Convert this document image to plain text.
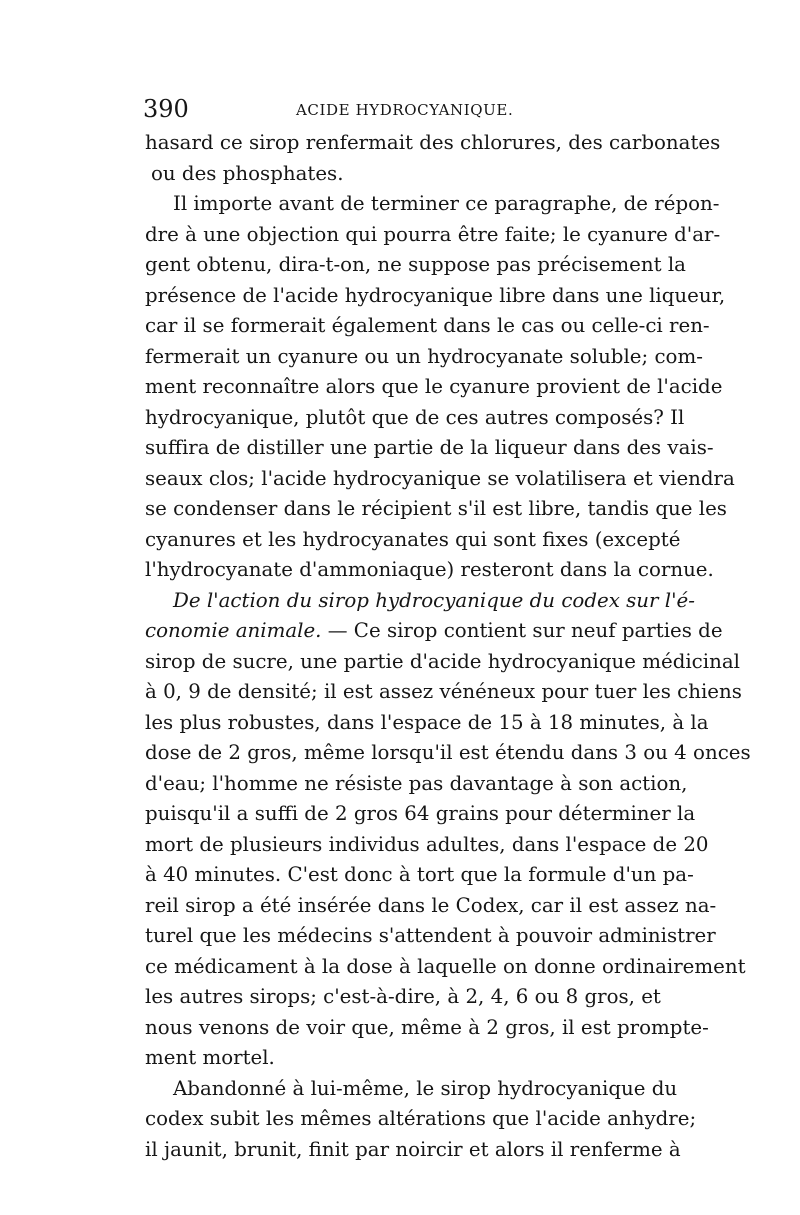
390	ACIDE HYDROCYANIQUE.
hasard ce sirop renfermait des chlorures, des carbonates
ou des phosphates.
Il importe avant de terminer ce paragraphe, de répon-
dre à une objection qui pourra être faite; le cyanure d'ar-
gent obtenu, dira-t-on, ne suppose pas précisement la
présence de l'acide hydrocyanique libre dans une liqueur,
car il se formerait également dans le cas ou celle-ci ren-
fermerait un cyanure ou un hydrocyanate soluble; com-
ment reconnaître alors que le cyanure provient de l'acide
hydrocyanique, plutôt que de ces autres composés? Il
suffira de distiller une partie de la liqueur dans des vais-
seaux clos; l'acide hydrocyanique se volatilisera et viendra
se condenser dans le récipient s'il est libre, tandis que les
cyanures et les hydrocyanates qui sont fixes (excepté
l'hydrocyanate d'ammoniaque) resteront dans la cornue.
De l'action du sirop hydrocyanique du codex sur l'é-
conomie animale. — Ce sirop contient sur neuf parties de
sirop de sucre, une partie d'acide hydrocyanique médicinal
à 0, 9 de densité; il est assez vénéneux pour tuer les chiens
les plus robustes, dans l'espace de 15 à 18 minutes, à la
dose de 2 gros, même lorsqu'il est étendu dans 3 ou 4 onces
d'eau; l'homme ne résiste pas davantage à son action,
puisqu'il a suffi de 2 gros 64 grains pour déterminer la
mort de plusieurs individus adultes, dans l'espace de 20
à 40 minutes. C'est donc à tort que la formule d'un pa-
reil sirop a été insérée dans le Codex, car il est assez na-
turel que les médecins s'attendent à pouvoir administrer
ce médicament à la dose à laquelle on donne ordinairement
les autres sirops; c'est-à-dire, à 2, 4, 6 ou 8 gros, et
nous venons de voir que, même à 2 gros, il est prompte-
ment mortel.
Abandonné à lui-même, le sirop hydrocyanique du
codex subit les mêmes altérations que l'acide anhydre;
il jaunit, brunit, finit par noircir et alors il renferme à
